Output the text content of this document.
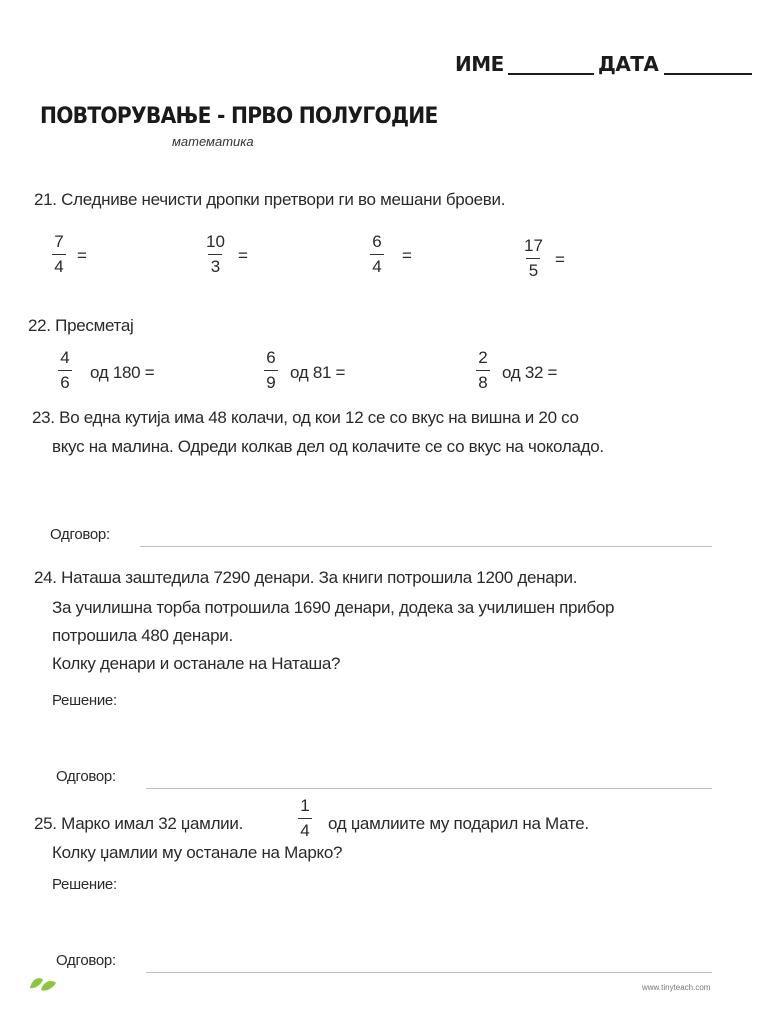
ИМЕ	ДАТА
ПОВТОРУВАЊЕ - ПРВО ПОЛУГОДИЕ
математика
21. Следниве нечисти дропки претвори ги во мешани броеви.
7
4
=
10
3
=
6
4
=
17
5
=
22. Пресметај
4
6
од 180 =
6
9
од 81 =
2
8
од 32 =
23. Во една кутија има 48 колачи, од кои 12 се со вкус на вишна и 20 со
вкус на малина. Одреди колкав дел од колачите се со вкус на чоколадо.
Одговор:
24. Наташа заштедила 7290 денари. За книги потрошила 1200 денари.
За училишна торба потрошила 1690 денари, додека за училишен прибор
потрошила 480 денари.
Колку денари и останале на Наташа?
Решение:
Одговор:
25. Марко имал 32 џамлии.
1
4 од џамлиите му подарил на Мате.
Колку џамлии му останале на Марко?
Решение:
Одговор:
www.tinyteach.com
